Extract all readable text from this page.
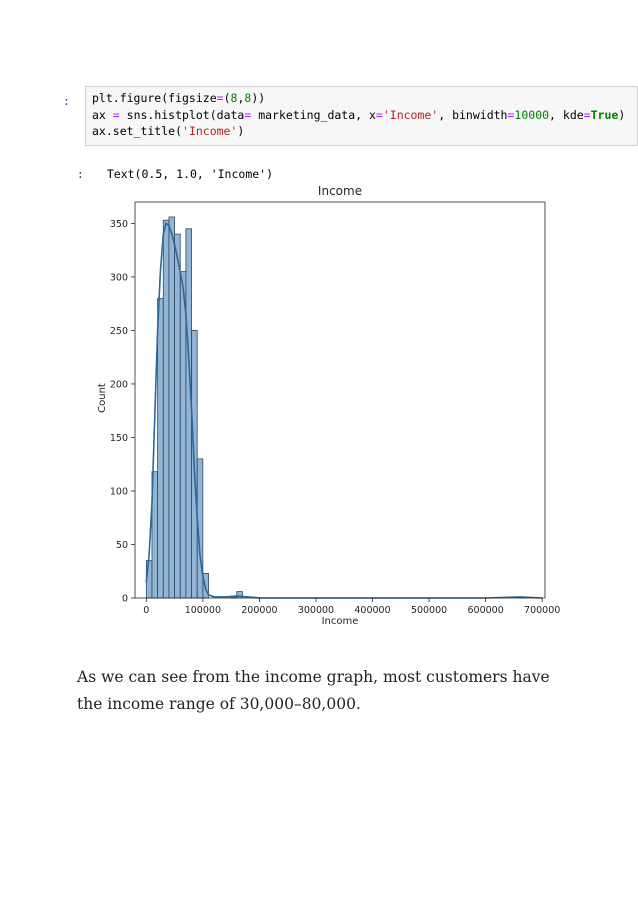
:	plt.figure(figsize=(8,8))
ax = sns.histplot(data= marketing_data, x='Income', binwidth=10000, kde=True)
ax.set_title('Income')

: Text(0.5, 1.0, 'Income')

Income
Income
Count
0	100000 200000 300000 400000 500000 600000 700000
0
50
100
150
200
250
300
350
As we can see from the income graph, most customers have the income range of 30,000–80,000.
